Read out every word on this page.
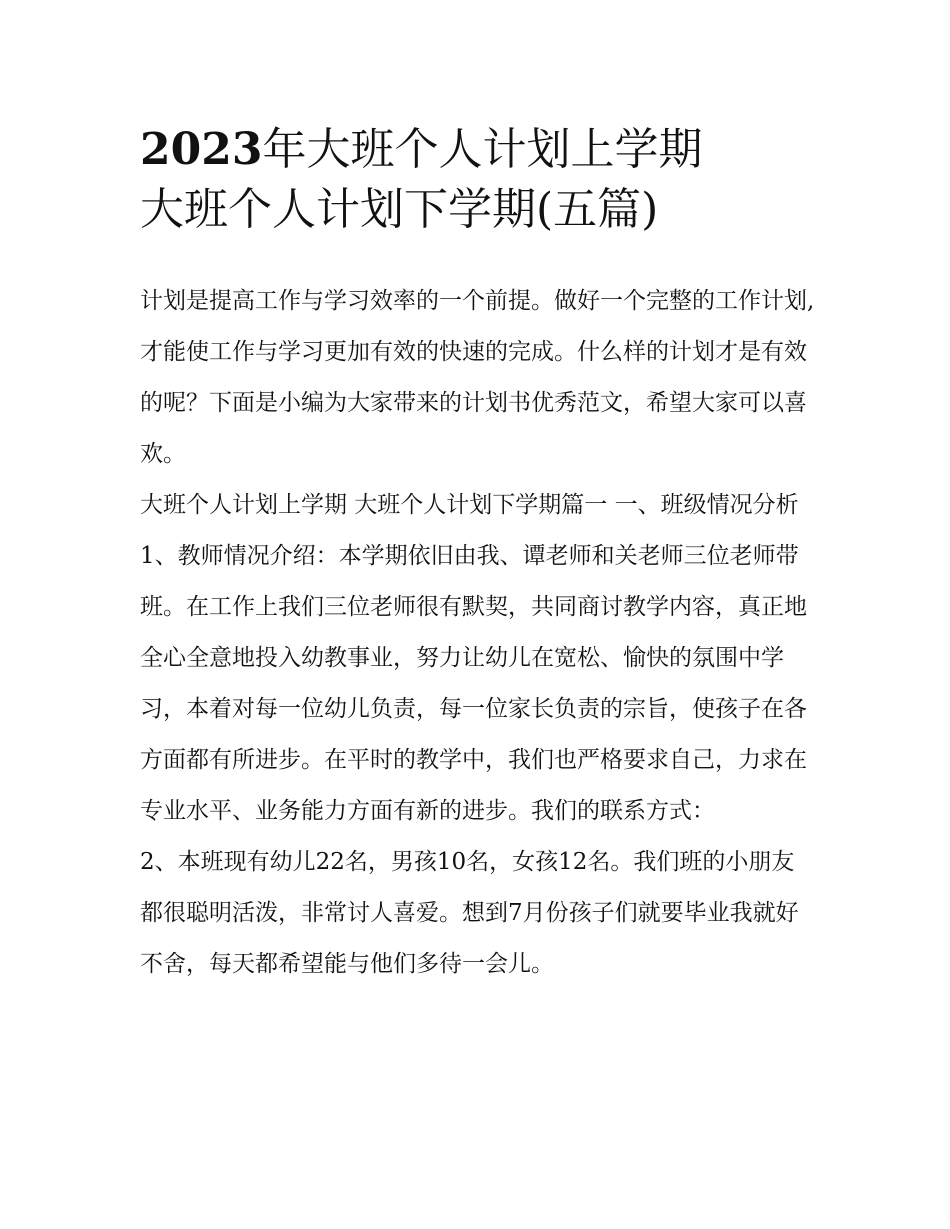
2023年大班个人计划上学期
大班个人计划下学期(五篇)

计划是提高工作与学习效率的一个前提。做好一个完整的工作计划,才能使工作与学习更加有效的快速的完成。什么样的计划才是有效的呢？下面是小编为大家带来的计划书优秀范文，希望大家可以喜欢。

大班个人计划上学期 大班个人计划下学期篇一 一、班级情况分析

1、教师情况介绍：本学期依旧由我、谭老师和关老师三位老师带班。在工作上我们三位老师很有默契，共同商讨教学内容，真正地全心全意地投入幼教事业，努力让幼儿在宽松、愉快的氛围中学习，本着对每一位幼儿负责，每一位家长负责的宗旨，使孩子在各方面都有所进步。在平时的教学中，我们也严格要求自己，力求在专业水平、业务能力方面有新的进步。我们的联系方式：

2、本班现有幼儿22名，男孩10名，女孩12名。我们班的小朋友都很聪明活泼，非常讨人喜爱。想到7月份孩子们就要毕业我就好不舍，每天都希望能与他们多待一会儿。
